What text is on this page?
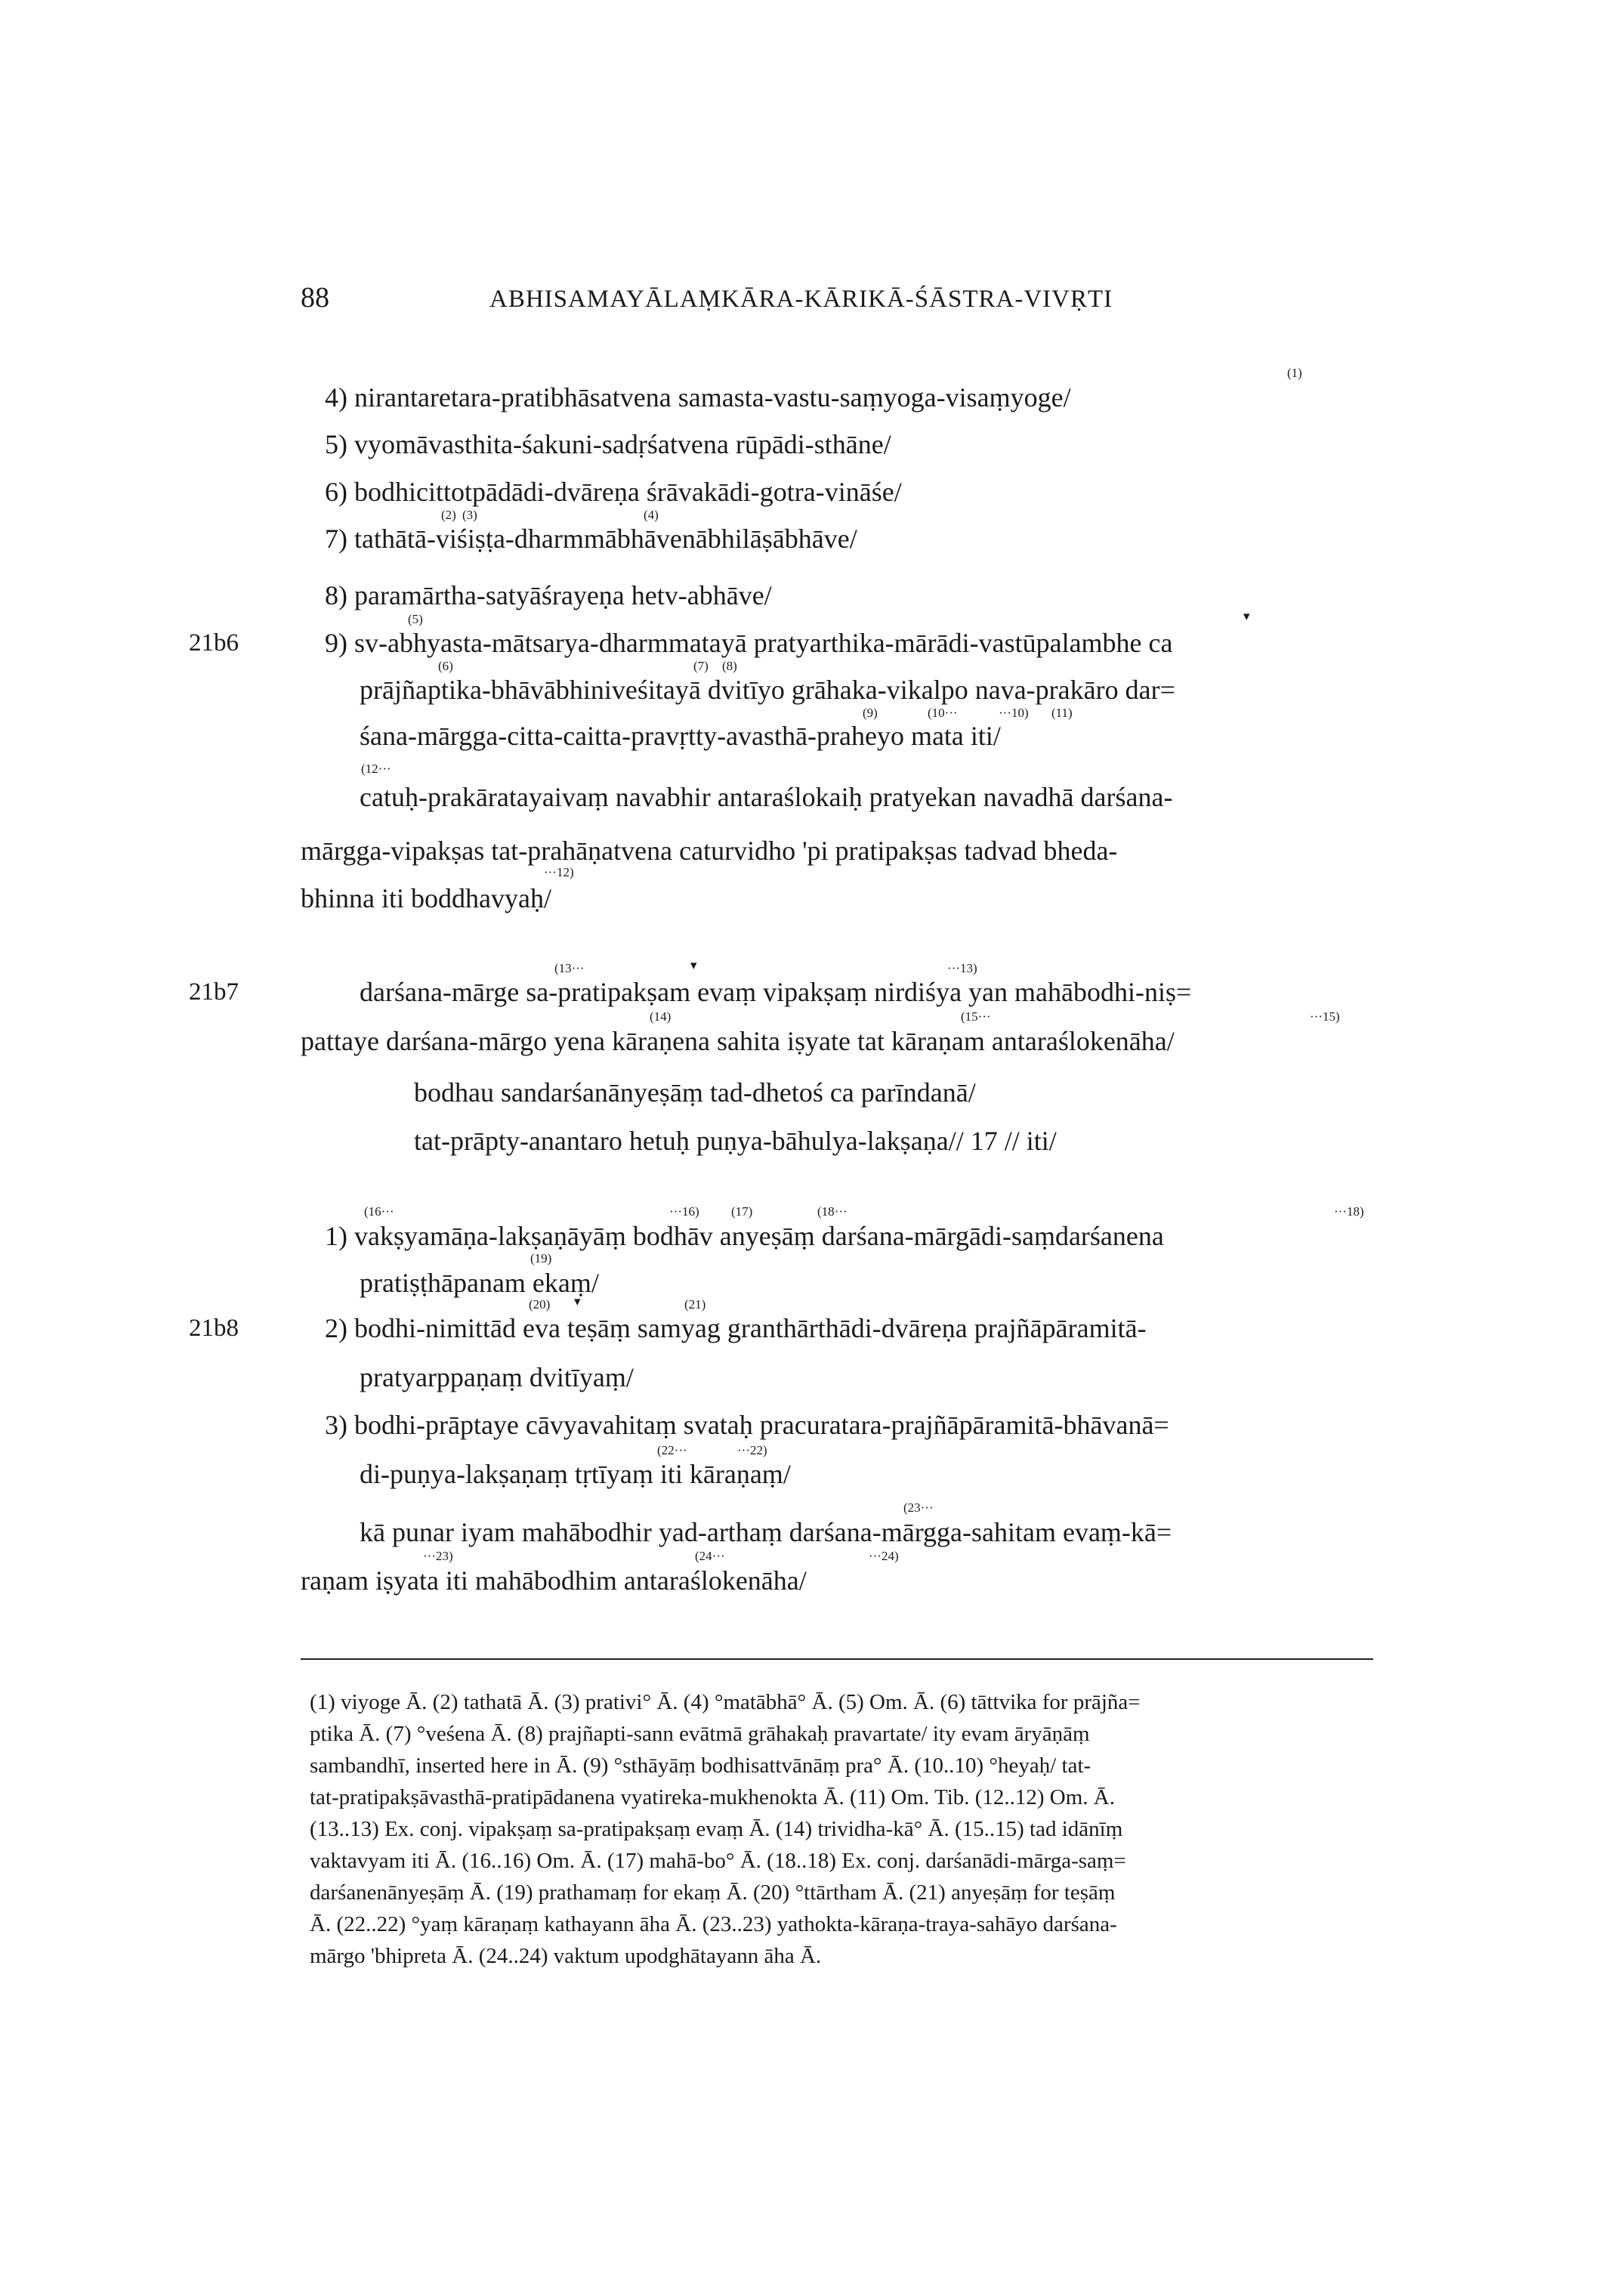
88	ABHISAMAYĀLAṂKĀRA-KĀRIKĀ-ŚĀSTRA-VIVṚTI
21b6
21b7
21b8
4) nirantaretara-pratibhāsatvena samasta-vastu-saṃyoga-visaṃyoge/
5) vyomāvasthita-śakuni-sadṛśatvena rūpādi-sthāne/
6) bodhicittotpādādi-dvāreṇa śrāvakādi-gotra-vināśe/
7) tathātā-viśiṣṭa-dharmmābhāvenābhilāṣābhāve/
8) paramārtha-satyāśrayeṇa hetv-abhāve/
9) sv-abhyasta-mātsarya-dharmmatayā pratyarthika-mārādi-vastūpalambhe ca
prājñaptika-bhāvābhiniveśitayā dvitīyo grāhaka-vikalpo nava-prakāro dar=
śana-mārgga-citta-caitta-pravṛtty-avasthā-praheyo mata iti/
catuḥ-prakāratayaivaṃ navabhir antaraślokaiḥ pratyekan navadhā darśana-
mārgga-vipakṣas tat-prahāṇatvena caturvidho 'pi pratipakṣas tadvad bheda-
bhinna iti boddhavyaḥ/
darśana-mārge sa-pratipakṣam evaṃ vipakṣaṃ nirdiśya yan mahābodhi-niṣ=
pattaye darśana-mārgo yena kāraṇena sahita iṣyate tat kāraṇam antaraślokenāha/
bodhau sandarśanānyeṣāṃ tad-dhetoś ca parīndanā/
tat-prāpty-anantaro hetuḥ puṇya-bāhulya-lakṣaṇa// 17 // iti/
1) vakṣyamāṇa-lakṣaṇāyāṃ bodhāv anyeṣāṃ darśana-mārgādi-saṃdarśanena
pratiṣṭhāpanam ekaṃ/
2) bodhi-nimittād eva teṣāṃ samyag granthārthādi-dvāreṇa prajñāpāramitā-
pratyarppaṇaṃ dvitīyaṃ/
3) bodhi-prāptaye cāvyavahitaṃ svataḥ pracuratara-prajñāpāramitā-bhāvanā=
di-puṇya-lakṣaṇaṃ tṛtīyaṃ iti kāraṇaṃ/
kā punar iyam mahābodhir yad-arthaṃ darśana-mārgga-sahitam evaṃ-kā=
raṇam iṣyata iti mahābodhim antaraślokenāha/
(1)
(2) (3)	(4)
(5)	▾
(6)	(7) (8)
(9)	(10···	···10) (11)
(12···
···12)
(13···	▾	···13)
(14)	(15···	···15)
(16···	···16) (17)	(18···	···18)
(19)
(20) ▾	(21)
(22···	···22)
(23···
···23)	(24···	···24)
(1) viyoge Ā. (2) tathatā Ā. (3) prativi° Ā. (4) °matābhā° Ā. (5) Om. Ā. (6) tāttvika for prājña=
ptika Ā. (7) °veśena Ā. (8) prajñapti-sann evātmā grāhakaḥ pravartate/ ity evam āryāṇāṃ
sambandhī, inserted here in Ā. (9) °sthāyāṃ bodhisattvānāṃ pra° Ā. (10..10) °heyaḥ/ tat-
tat-pratipakṣāvasthā-pratipādanena vyatireka-mukhenokta Ā. (11) Om. Tib. (12..12) Om. Ā.
(13..13) Ex. conj. vipakṣaṃ sa-pratipakṣaṃ evaṃ Ā. (14) trividha-kā° Ā. (15..15) tad idānīṃ
vaktavyam iti Ā. (16..16) Om. Ā. (17) mahā-bo° Ā. (18..18) Ex. conj. darśanādi-mārga-saṃ=
darśanenānyeṣāṃ Ā. (19) prathamaṃ for ekaṃ Ā. (20) °ttārtham Ā. (21) anyeṣāṃ for teṣāṃ
Ā. (22..22) °yaṃ kāraṇaṃ kathayann āha Ā. (23..23) yathokta-kāraṇa-traya-sahāyo darśana-
mārgo 'bhipreta Ā. (24..24) vaktum upodghātayann āha Ā.
